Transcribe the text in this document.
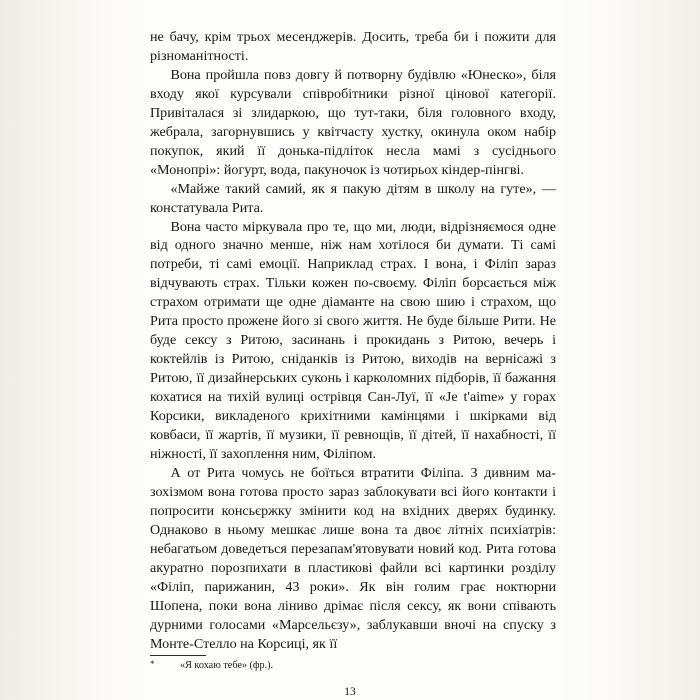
не бачу, крім трьох месенджерів. Досить, треба би і пожити для різноманітності.

Вона пройшла повз довгу й потворну будівлю «Юнеско», біля входу якої курсували співробітники різної цінової категорії. Привіталася зі злидаркою, що тут-таки, біля головного входу, жебрала, загорнувшись у квітчасту хустку, окинула оком набір покупок, який її донька-підліток несла мамі з сусіднього «Монопрі»: йогурт, вода, пакуночок із чотирьох кіндер-пінгві.

«Майже такий самий, як я пакую дітям в школу на гуте», — констатувала Рита.

Вона часто міркувала про те, що ми, люди, відрізняємося одне від одного значно менше, ніж нам хотілося би думати. Ті самі потреби, ті самі емоції. Наприклад страх. І вона, і Філіп зараз відчувають страх. Тільки кожен по-своєму. Філіп борсається між страхом отримати ще одне діаманте на свою шию і страхом, що Рита просто прожене його зі свого життя. Не буде більше Рити. Не буде сексу з Ритою, засинань і прокидань з Ритою, вечерь і коктейлів із Ритою, сніданків із Ритою, виходів на вернісажі з Ритою, її дизайнерських суконь і карколомних підборів, її бажання кохатися на тихій вулиці острівця Сан-Луї, її «Je t'aime» у горах Корсики, викладеного крихітними камінцями і шкірками від ковбаси, її жартів, її музики, її ревнощів, її дітей, її нахабності, її ніжності, її захоплення ним, Філіпом.

А от Рита чомусь не боїться втратити Філіпа. З дивним мазохізмом вона готова просто зараз заблокувати всі його контакти і попросити консьєржку змінити код на вхідних дверях будинку. Однаково в ньому мешкає лише вона та двоє літніх психіатрів: небагатьом доведеться перезапам'ятовувати новий код. Рита готова акуратно порозпихати в пластикові файли всі картинки розділу «Філіп, парижанин, 43 роки». Як він голим грає ноктюрни Шопена, поки вона ліниво дрімає після сексу, як вони співають дурними голосами «Марсельєзу», заблукавши вночі на спуску з Монте-Стелло на Корсиці, як її

*	«Я кохаю тебе» (фр.).
13
